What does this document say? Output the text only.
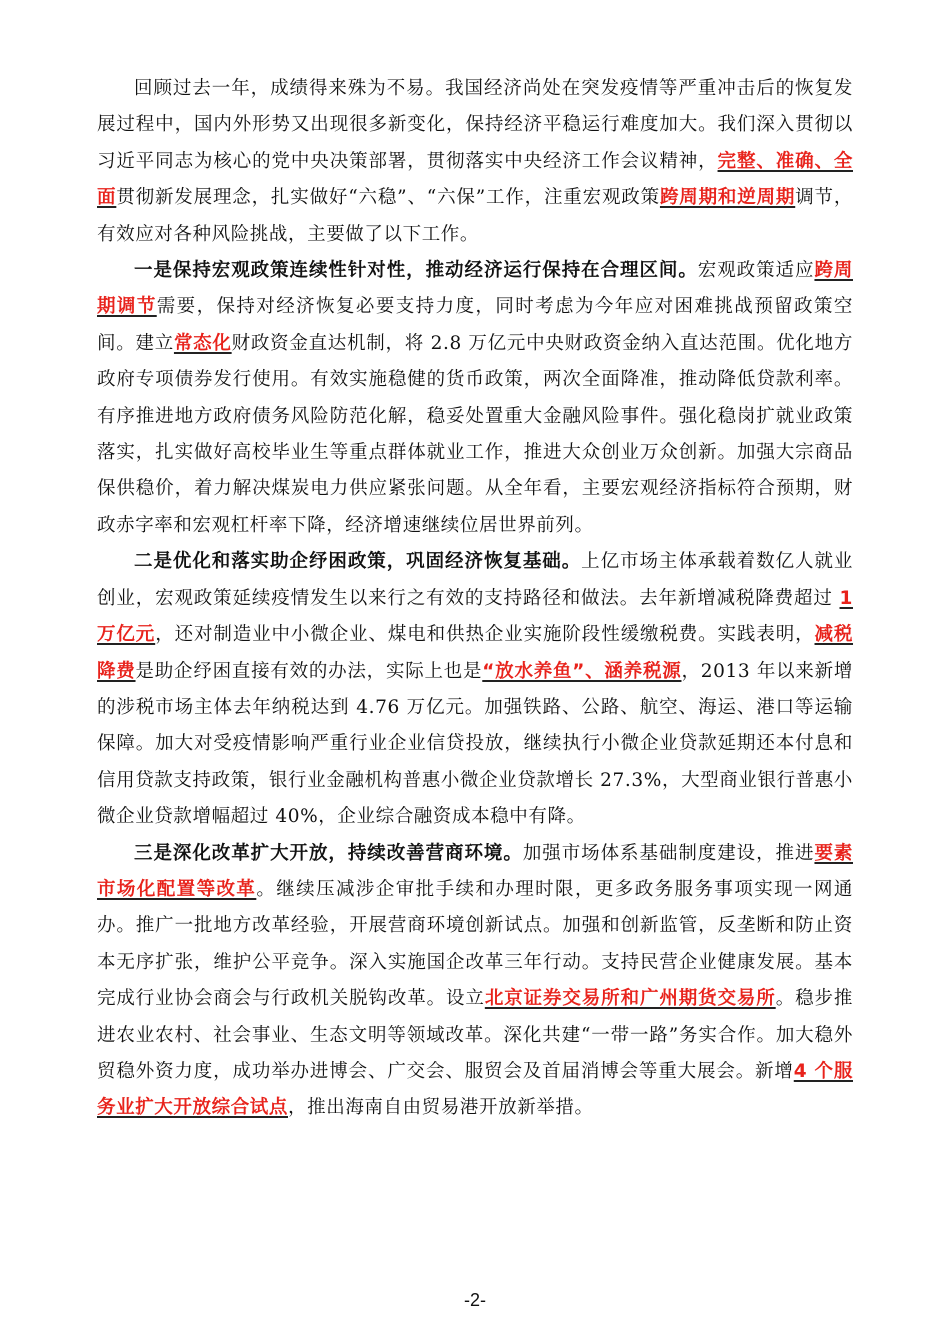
回顾过去一年，成绩得来殊为不易。我国经济尚处在突发疫情等严重冲击后的恢复发展过程中，国内外形势又出现很多新变化，保持经济平稳运行难度加大。我们深入贯彻以习近平同志为核心的党中央决策部署，贯彻落实中央经济工作会议精神，完整、准确、全面贯彻新发展理念，扎实做好“六稳”、“六保”工作，注重宏观政策跨周期和逆周期调节，有效应对各种风险挑战，主要做了以下工作。

一是保持宏观政策连续性针对性，推动经济运行保持在合理区间。宏观政策适应跨周期调节需要，保持对经济恢复必要支持力度，同时考虑为今年应对困难挑战预留政策空间。建立常态化财政资金直达机制，将 2.8 万亿元中央财政资金纳入直达范围。优化地方政府专项债券发行使用。有效实施稳健的货币政策，两次全面降准，推动降低贷款利率。有序推进地方政府债务风险防范化解，稳妥处置重大金融风险事件。强化稳岗扩就业政策落实，扎实做好高校毕业生等重点群体就业工作，推进大众创业万众创新。加强大宗商品保供稳价，着力解决煤炭电力供应紧张问题。从全年看，主要宏观经济指标符合预期，财政赤字率和宏观杠杆率下降，经济增速继续位居世界前列。

二是优化和落实助企纾困政策，巩固经济恢复基础。上亿市场主体承载着数亿人就业创业，宏观政策延续疫情发生以来行之有效的支持路径和做法。去年新增减税降费超过 1 万亿元，还对制造业中小微企业、煤电和供热企业实施阶段性缓缴税费。实践表明，减税降费是助企纾困直接有效的办法，实际上也是“放水养鱼”、涵养税源，2013 年以来新增的涉税市场主体去年纳税达到 4.76 万亿元。加强铁路、公路、航空、海运、港口等运输保障。加大对受疫情影响严重行业企业信贷投放，继续执行小微企业贷款延期还本付息和信用贷款支持政策，银行业金融机构普惠小微企业贷款增长 27.3%，大型商业银行普惠小微企业贷款增幅超过 40%，企业综合融资成本稳中有降。

三是深化改革扩大开放，持续改善营商环境。加强市场体系基础制度建设，推进要素市场化配置等改革。继续压减涉企审批手续和办理时限，更多政务服务事项实现一网通办。推广一批地方改革经验，开展营商环境创新试点。加强和创新监管，反垄断和防止资本无序扩张，维护公平竞争。深入实施国企改革三年行动。支持民营企业健康发展。基本完成行业协会商会与行政机关脱钩改革。设立北京证券交易所和广州期货交易所。稳步推进农业农村、社会事业、生态文明等领域改革。深化共建“一带一路”务实合作。加大稳外贸稳外资力度，成功举办进博会、广交会、服贸会及首届消博会等重大展会。新增4 个服务业扩大开放综合试点，推出海南自由贸易港开放新举措。

-2-
